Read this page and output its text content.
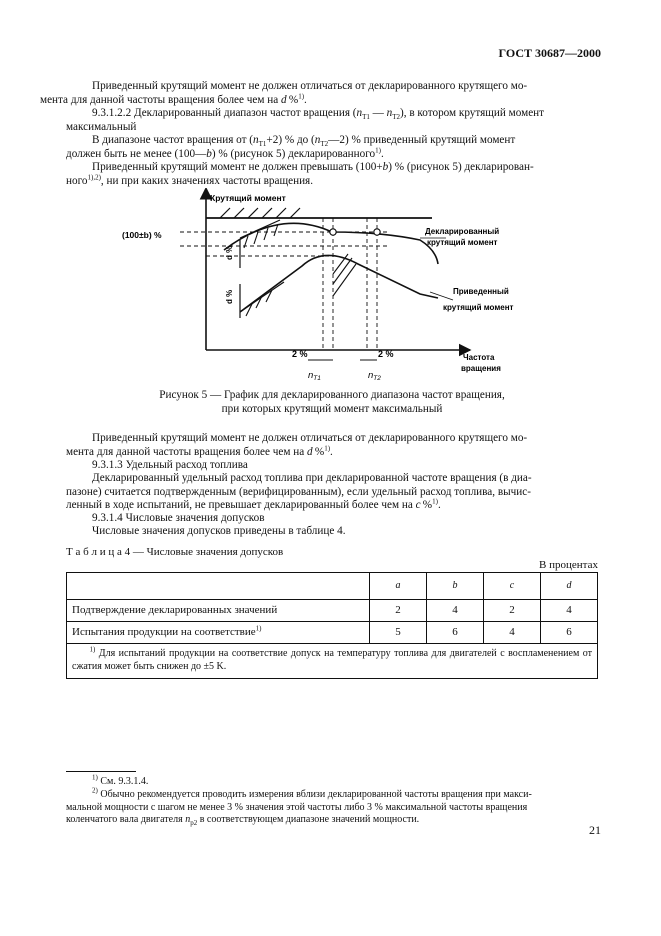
ГОСТ 30687—2000
Приведенный крутящий момент не должен отличаться от декларированного крутящего мо-
мента для данной частоты вращения более чем на d  %$^{1)}$.
9.3.1.2.2 Декларированный диапазон частот вращения ($n_{T1}$ — $n_{T2}$), в котором крутящий момент
максимальный
В диапазоне частот вращения от $(n_{T1}+2)$ % до $(n_{T2}—2)$ % приведенный крутящий момент
должен быть не менее (100—b) % (рисунок 5) декларированного$^{1)}$.
Приведенный крутящий момент не должен превышать (100+b) % (рисунок 5) декларирован-
ного$^{1),2)}$, ни при каких значениях частоты вращения.
Крутящий момент
(100±b) %
d %
d %
Декларированный
крутящий момент
Приведенный
крутящий момент
2 %	2 %
$n_{T1}$	$n_{T2}$
Частота
вращения
Рисунок 5 — График для декларированного диапазона частот вращения,
при которых крутящий момент максимальный
Приведенный крутящий момент не должен отличаться от декларированного крутящего мо-
мента для данной частоты вращения более чем на d  %$^{1)}$.
9.3.1.3 Удельный расход топлива
Декларированный удельный расход топлива при декларированной частоте вращения (в диа-
пазоне) считается подтвержденным (верифицированным), если удельный расход топлива, вычис-
ленный в ходе испытаний, не превышает декларированный более чем на c  %$^{1)}$.
9.3.1.4 Числовые значения допусков
Числовые значения допусков приведены в таблице 4.
Т а б л и ц а 4 — Числовые значения допусков
В процентах
	a	b	c	d
Подтверждение декларированных значений	2	4	2	4
Испытания продукции на соответствие$^{1)}$	5	6	4	6
$^{1)}$ Для испытаний продукции на соответствие допуск на температуру топлива для двигателей с воспламенением от сжатия может быть снижен до ±5 K.				
$^{1)}$ См. 9.3.1.4.
$^{2)}$ Обычно рекомендуется проводить измерения вблизи декларированной частоты вращения при макси-
мальной мощности с шагом не менее 3 % значения этой частоты либо 3 % максимальной частоты вращения
коленчатого вала двигателя $n_{p2}$ в соответствующем диапазоне значений мощности.
21
